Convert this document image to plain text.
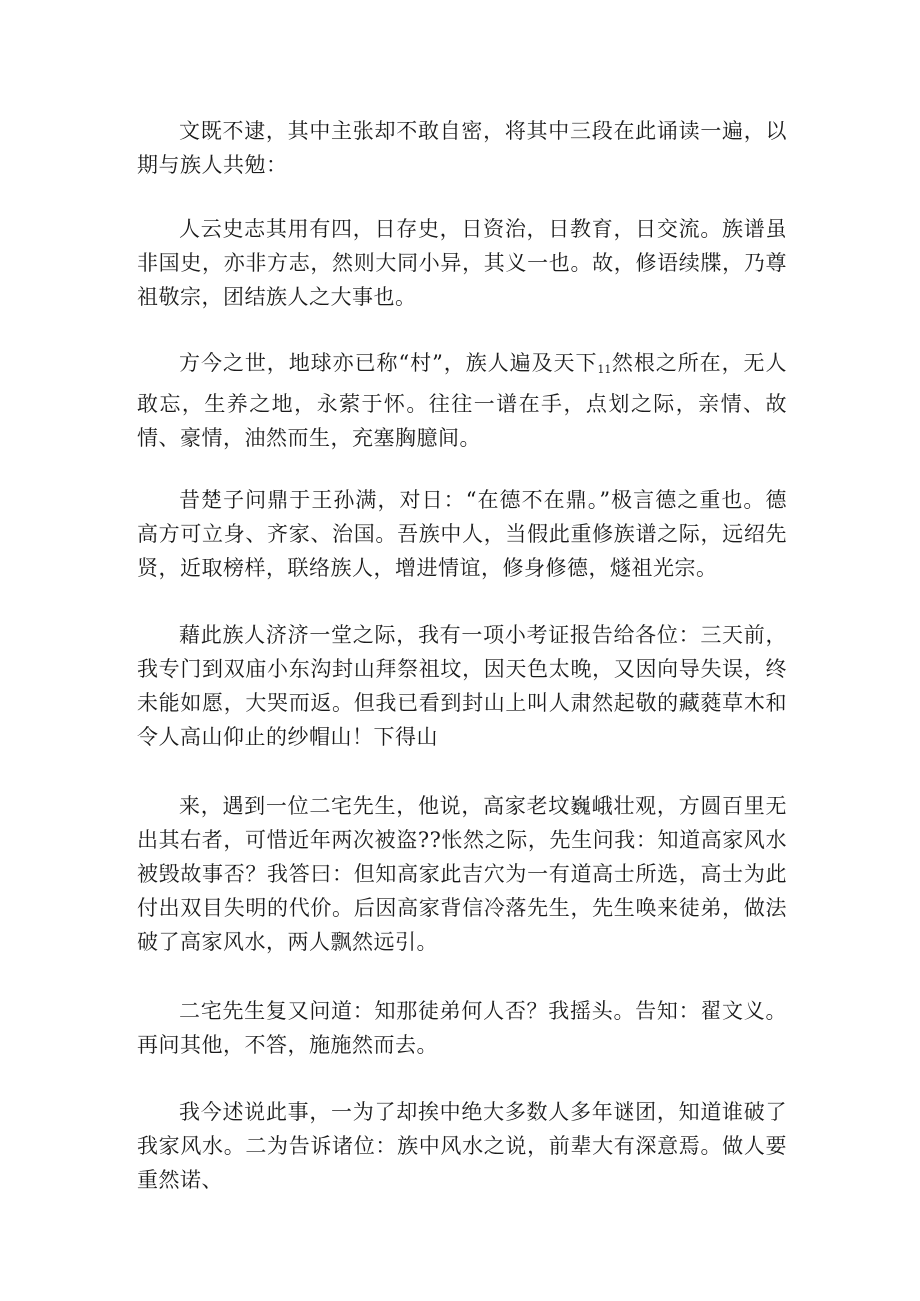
文既不逮，其中主张却不敢自密，将其中三段在此诵读一遍，以期与族人共勉：

人云史志其用有四，日存史，日资治，日教育，日交流。族谱虽非国史，亦非方志，然则大同小异，其义一也。故，修语续牒，乃尊祖敬宗，团结族人之大事也。

方今之世，地球亦已称“村”，族人遍及天下$_{11}$然根之所在，无人敢忘，生养之地，永萦于怀。往往一谱在手，点划之际，亲情、故情、豪情，油然而生，充塞胸臆间。

昔楚子问鼎于王孙满，对日：“在德不在鼎。”极言德之重也。德高方可立身、齐家、治国。吾族中人，当假此重修族谱之际，远绍先贤，近取榜样，联络族人，增进情谊，修身修德，燧祖光宗。

藉此族人济济一堂之际，我有一项小考证报告给各位：三天前，我专门到双庙小东沟封山拜祭祖坟，因天色太晚，又因向导失误，终未能如愿，大哭而返。但我已看到封山上叫人肃然起敬的藏蕤草木和令人高山仰止的纱帽山！下得山

来，遇到一位二宅先生，他说，高家老坟巍峨壮观，方圆百里无出其右者，可惜近年两次被盗??怅然之际，先生问我：知道高家风水被毁故事否？我答曰：但知高家此吉穴为一有道高士所选，高士为此付出双目失明的代价。后因高家背信冷落先生，先生唤来徒弟，做法破了高家风水，两人飘然远引。

二宅先生复又问道：知那徒弟何人否？我摇头。告知：翟文义。再问其他，不答，施施然而去。

我今述说此事，一为了却挨中绝大多数人多年谜团，知道谁破了我家风水。二为告诉诸位：族中风水之说，前辈大有深意焉。做人要重然诺、
